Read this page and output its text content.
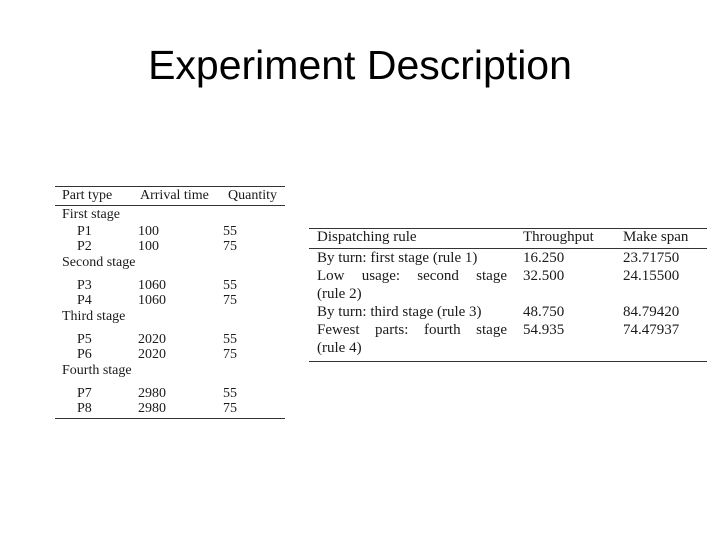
Experiment Description
Part type	Arrival time	Quantity
First stage
P1	100	55
P2	100	75
Second stage
P3	1060	55
P4	1060	75
Third stage
P5	2020	55
P6	2020	75
Fourth stage
P7	2980	55
P8	2980	75
Dispatching rule	Throughput Make span
By turn: first stage (rule 1)	16.250	23.71750
Low usage: second stage 32.500	24.15500
(rule 2)
By turn: third stage (rule 3)	48.750	84.79420
Fewest parts: fourth stage 54.935	74.47937
(rule 4)
